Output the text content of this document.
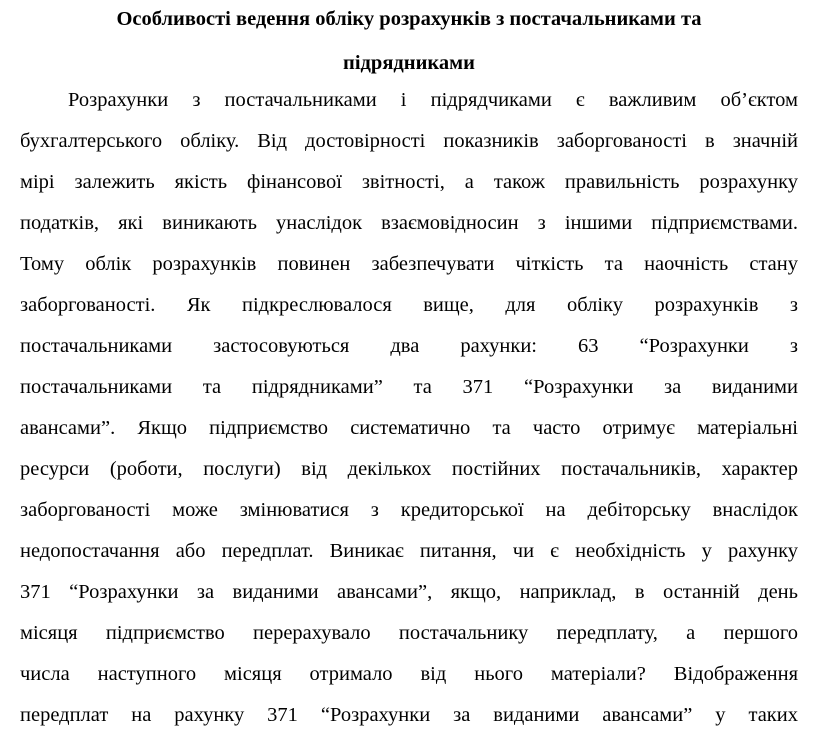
Особливості ведення обліку розрахунків з постачальниками та
підрядниками
Розрахунки з постачальниками і підрядчиками є важливим об’єктом
бухгалтерського обліку. Від достовірності показників заборгованості в значній
мірі залежить якість фінансової звітності, а також правильність розрахунку
податків, які виникають унаслідок взаємовідносин з іншими підприємствами.
Тому облік розрахунків повинен забезпечувати чіткість та наочність стану
заборгованості. Як підкреслювалося вище, для обліку розрахунків з
постачальниками застосовуються два рахунки: 63 “Розрахунки з
постачальниками та підрядниками” та 371 “Розрахунки за виданими
авансами”. Якщо підприємство систематично та часто отримує матеріальні
ресурси (роботи, послуги) від декількох постійних постачальників, характер
заборгованості може змінюватися з кредиторської на дебіторську внаслідок
недопостачання або передплат. Виникає питання, чи є необхідність у рахунку
371 “Розрахунки за виданими авансами”, якщо, наприклад, в останній день
місяця підприємство перерахувало постачальнику передплату, а першого
числа наступного місяця отримало від нього матеріали? Відображення
передплат на рахунку 371 “Розрахунки за виданими авансами” у таких
